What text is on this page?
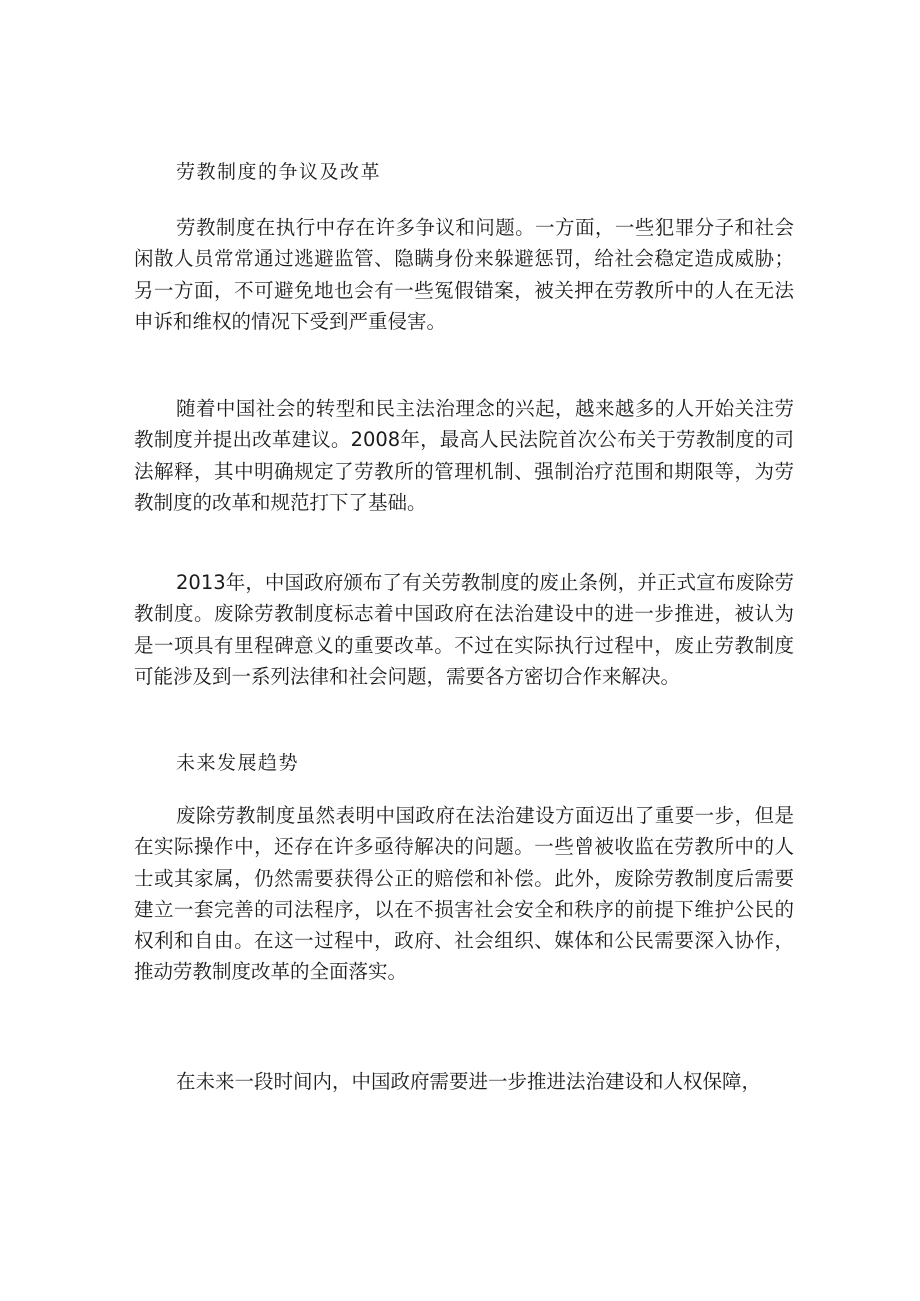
劳教制度的争议及改革

劳教制度在执行中存在许多争议和问题。一方面，一些犯罪分子和社会闲散人员常常通过逃避监管、隐瞒身份来躲避惩罚，给社会稳定造成威胁；另一方面，不可避免地也会有一些冤假错案，被关押在劳教所中的人在无法申诉和维权的情况下受到严重侵害。

随着中国社会的转型和民主法治理念的兴起，越来越多的人开始关注劳教制度并提出改革建议。2008年，最高人民法院首次公布关于劳教制度的司法解释，其中明确规定了劳教所的管理机制、强制治疗范围和期限等，为劳教制度的改革和规范打下了基础。

2013年，中国政府颁布了有关劳教制度的废止条例，并正式宣布废除劳教制度。废除劳教制度标志着中国政府在法治建设中的进一步推进，被认为是一项具有里程碑意义的重要改革。不过在实际执行过程中，废止劳教制度可能涉及到一系列法律和社会问题，需要各方密切合作来解决。

未来发展趋势

废除劳教制度虽然表明中国政府在法治建设方面迈出了重要一步，但是在实际操作中，还存在许多亟待解决的问题。一些曾被收监在劳教所中的人士或其家属，仍然需要获得公正的赔偿和补偿。此外，废除劳教制度后需要建立一套完善的司法程序，以在不损害社会安全和秩序的前提下维护公民的权利和自由。在这一过程中，政府、社会组织、媒体和公民需要深入协作，推动劳教制度改革的全面落实。

在未来一段时间内，中国政府需要进一步推进法治建设和人权保障，
